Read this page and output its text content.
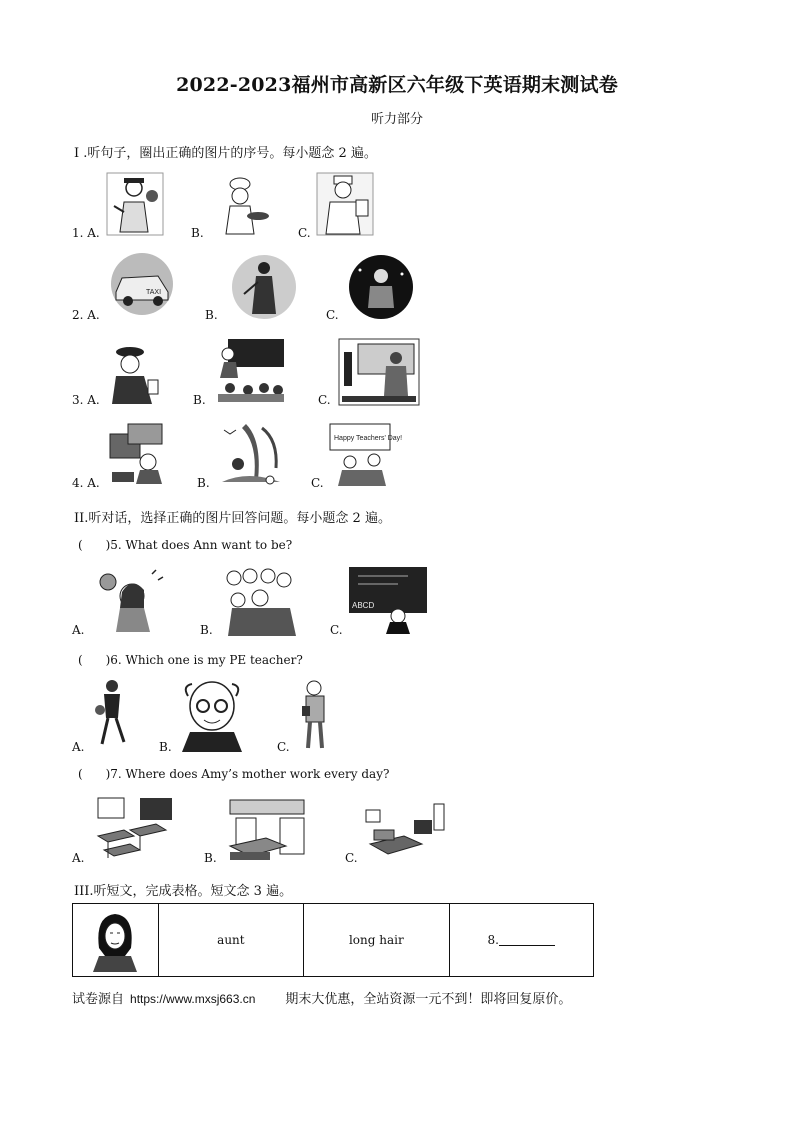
2022-2023福州市高新区六年级下英语期末测试卷
听力部分
I .听句子，圈出正确的图片的序号。每小题念 2 遍。
1. A.	B.	C.
2. A.
TAXI
B.	C.
3. A.	B.	C.
4. A.	B.	C.
Happy Teachers' Day!
II.听对话，选择正确的图片回答问题。每小题念 2 遍。
(      )5. What does Ann want to be?
A.	B.	C.
ABCD
(      )6. Which one is my PE teacher?
A.	B.	C.
(      )7. Where does Amy’s mother work every day?
A.	B.	C.
III.听短文，完成表格。短文念 3 遍。
aunt	long hair	8.
试卷源自 https://www.mxsj663.cn 期末大优惠，全站资源一元不到！即将回复原价。
